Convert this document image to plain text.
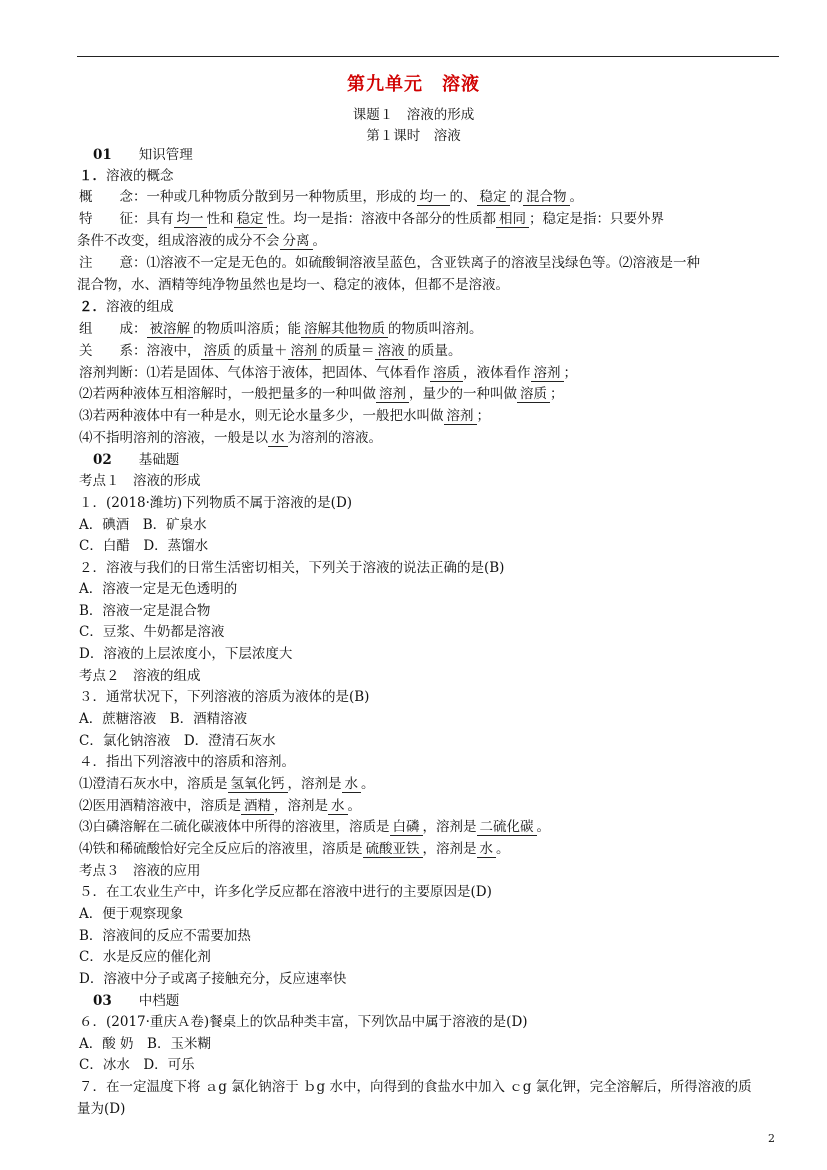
第九单元　溶液
课题１　溶液的形成
第１课时　溶液
01　　 知识管理
１．溶液的概念
概　　念：一种或几种物质分散到另一种物质里，形成的 均一 的、 稳定 的 混合物 。
特　　征：具有 均一 性和 稳定 性。均一是指：溶液中各部分的性质都 相同 ；稳定是指：只要外界
条件不改变，组成溶液的成分不会 分离 。
注　　意：⑴溶液不一定是无色的。如硫酸铜溶液呈蓝色，含亚铁离子的溶液呈浅绿色等。⑵溶液是一种
混合物，水、酒精等纯净物虽然也是均一、稳定的液体，但都不是溶液。
２．溶液的组成
组　　成： 被溶解 的物质叫溶质；能 溶解其他物质 的物质叫溶剂。
关　　系：溶液中， 溶质 的质量＋ 溶剂 的质量＝ 溶液 的质量。
溶剂判断：⑴若是固体、气体溶于液体，把固体、气体看作 溶质 ，液体看作 溶剂 ；
⑵若两种液体互相溶解时，一般把量多的一种叫做 溶剂 ，量少的一种叫做 溶质 ；
⑶若两种液体中有一种是水，则无论水量多少，一般把水叫做 溶剂 ；
⑷不指明溶剂的溶液，一般是以 水 为溶剂的溶液。
02　　 基础题
考点１　溶液的形成
１．(2018·潍坊)下列物质不属于溶液的是(D)
A．碘酒　B．矿泉水
C．白醋　D．蒸馏水
２．溶液与我们的日常生活密切相关，下列关于溶液的说法正确的是(B)
A．溶液一定是无色透明的
B．溶液一定是混合物
C．豆浆、牛奶都是溶液
D．溶液的上层浓度小，下层浓度大
考点２　溶液的组成
３．通常状况下，下列溶液的溶质为液体的是(B)
A．蔗糖溶液　B．酒精溶液
C．氯化钠溶液　D．澄清石灰水
４．指出下列溶液中的溶质和溶剂。
⑴澄清石灰水中，溶质是 氢氧化钙 ，溶剂是 水 。
⑵医用酒精溶液中，溶质是 酒精 ，溶剂是 水 。
⑶白磷溶解在二硫化碳液体中所得的溶液里，溶质是 白磷 ，溶剂是 二硫化碳 。
⑷铁和稀硫酸恰好完全反应后的溶液里，溶质是 硫酸亚铁 ，溶剂是 水 。
考点３　溶液的应用
５．在工农业生产中，许多化学反应都在溶液中进行的主要原因是(D)
A．便于观察现象
B．溶液间的反应不需要加热
C．水是反应的催化剂
D．溶液中分子或离子接触充分，反应速率快
03　　 中档题
６．(2017·重庆Ａ卷)餐桌上的饮品种类丰富，下列饮品中属于溶液的是(D)
A．酸 奶　B．玉米糊
C．冰水　D．可乐
７．在一定温度下将 ａg 氯化钠溶于 ｂg 水中，向得到的食盐水中加入 ｃg 氯化钾，完全溶解后，所得溶液的质
量为(D)
2
